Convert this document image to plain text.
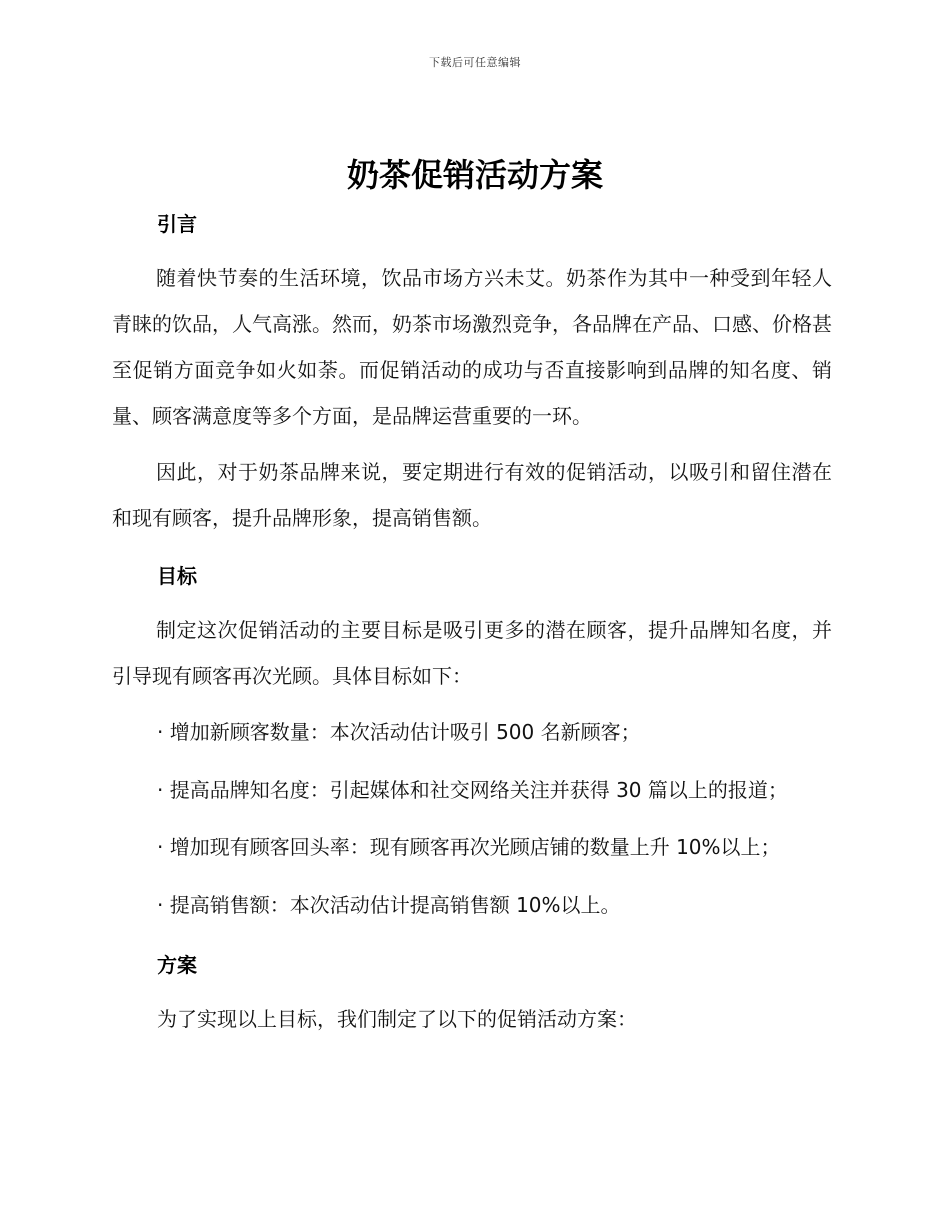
下载后可任意编辑
奶茶促销活动方案
引言

随着快节奏的生活环境，饮品市场方兴未艾。奶茶作为其中一种受到年轻人青睐的饮品，人气高涨。然而，奶茶市场激烈竞争，各品牌在产品、口感、价格甚至促销方面竞争如火如荼。而促销活动的成功与否直接影响到品牌的知名度、销量、顾客满意度等多个方面，是品牌运营重要的一环。

因此，对于奶茶品牌来说，要定期进行有效的促销活动，以吸引和留住潜在和现有顾客，提升品牌形象，提高销售额。

目标

制定这次促销活动的主要目标是吸引更多的潜在顾客，提升品牌知名度，并引导现有顾客再次光顾。具体目标如下：

· 增加新顾客数量：本次活动估计吸引 500 名新顾客；
· 提高品牌知名度：引起媒体和社交网络关注并获得 30 篇以上的报道；
· 增加现有顾客回头率：现有顾客再次光顾店铺的数量上升 10%以上；
· 提高销售额：本次活动估计提高销售额 10%以上。
方案
为了实现以上目标，我们制定了以下的促销活动方案：
